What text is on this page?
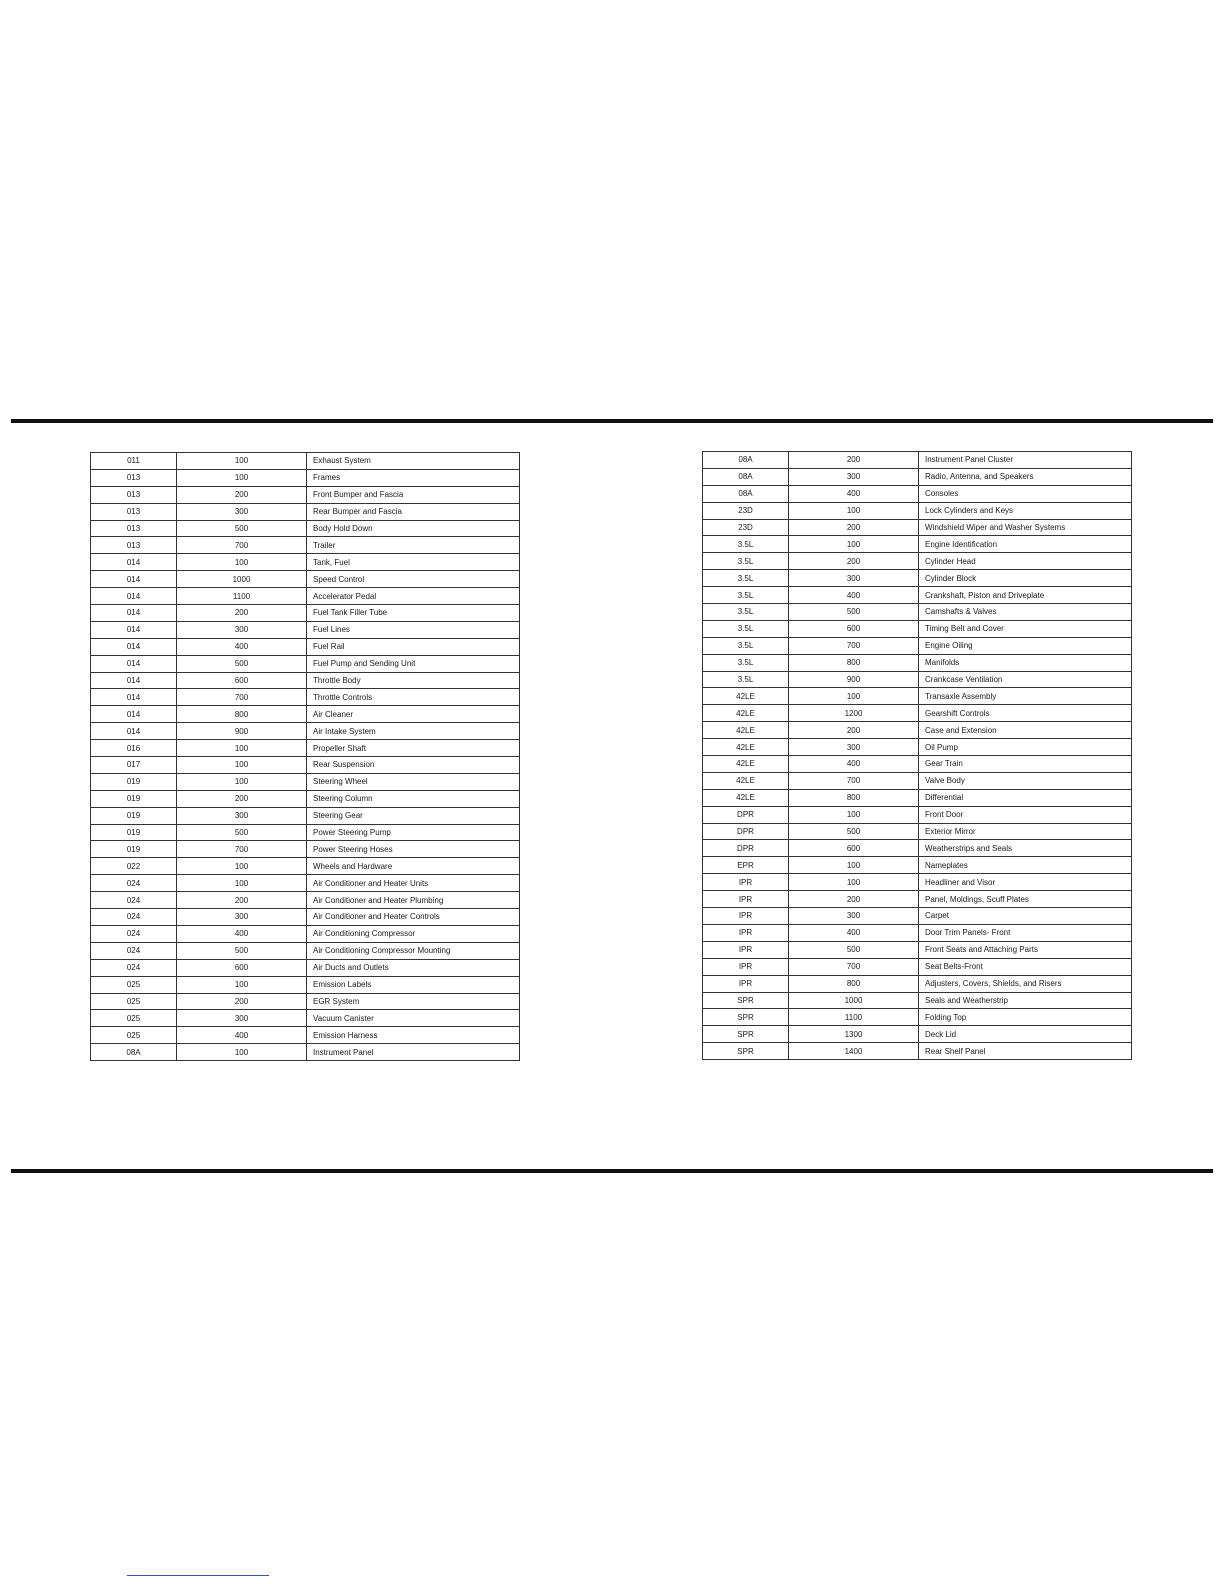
011	100	Exhaust System
013	100	Frames
013	200	Front Bumper and Fascia
013	300	Rear Bumper and Fascia
013	500	Body Hold Down
013	700	Trailer
014	100	Tank, Fuel
014	1000	Speed Control
014	1100	Accelerator Pedal
014	200	Fuel Tank Filler Tube
014	300	Fuel Lines
014	400	Fuel Rail
014	500	Fuel Pump and Sending Unit
014	600	Throttle Body
014	700	Throttle Controls
014	800	Air Cleaner
014	900	Air Intake System
016	100	Propeller Shaft
017	100	Rear Suspension
019	100	Steering Wheel
019	200	Steering Column
019	300	Steering Gear
019	500	Power Steering Pump
019	700	Power Steering Hoses
022	100	Wheels and Hardware
024	100	Air Conditioner and Heater Units
024	200	Air Conditioner and Heater Plumbing
024	300	Air Conditioner and Heater Controls
024	400	Air Conditioning Compressor
024	500	Air Conditioning Compressor Mounting
024	600	Air Ducts and Outlets
025	100	Emission Labels
025	200	EGR System
025	300	Vacuum Canister
025	400	Emission Harness
08A	100	Instrument Panel
08A	200	Instrument Panel Cluster
08A	300	Radio, Antenna, and Speakers
08A	400	Consoles
23D	100	Lock Cylinders and Keys
23D	200	Windshield Wiper and Washer Systems
3.5L	100	Engine Identification
3.5L	200	Cylinder Head
3.5L	300	Cylinder Block
3.5L	400	Crankshaft, Piston and Driveplate
3.5L	500	Camshafts & Valves
3.5L	600	Timing Belt and Cover
3.5L	700	Engine Oiling
3.5L	800	Manifolds
3.5L	900	Crankcase Ventilation
42LE	100	Transaxle Assembly
42LE	1200	Gearshift Controls
42LE	200	Case and Extension
42LE	300	Oil Pump
42LE	400	Gear Train
42LE	700	Valve Body
42LE	800	Differential
DPR	100	Front Door
DPR	500	Exterior Mirror
DPR	600	Weatherstrips and Seals
EPR	100	Nameplates
IPR	100	Headliner and Visor
IPR	200	Panel, Moldings, Scuff Plates
IPR	300	Carpet
IPR	400	Door Trim Panels- Front
IPR	500	Front Seats and Attaching Parts
IPR	700	Seat Belts-Front
IPR	800	Adjusters, Covers, Shields, and Risers
SPR	1000	Seals and Weatherstrip
SPR	1100	Folding Top
SPR	1300	Deck Lid
SPR	1400	Rear Shelf Panel
